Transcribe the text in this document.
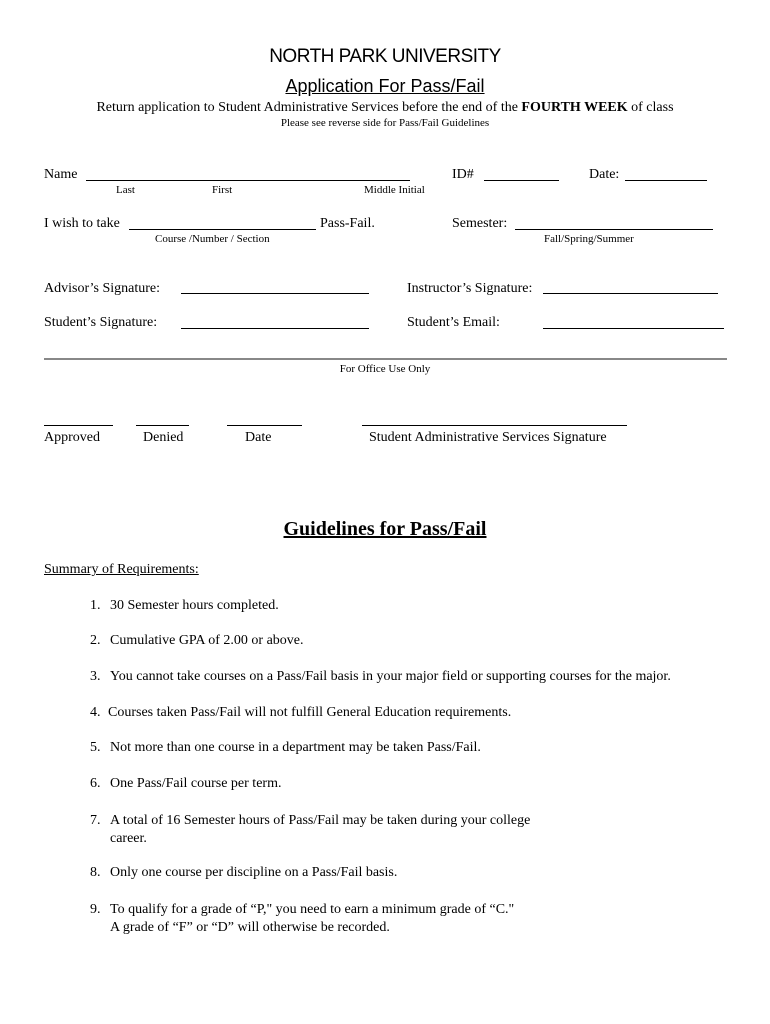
NORTH PARK UNIVERSITY
Application For Pass/Fail
Return application to Student Administrative Services before the end of the FOURTH WEEK of class
Please see reverse side for Pass/Fail Guidelines
Name
Last	First	Middle Initial
ID#	Date:
I wish to take	Pass-Fail.
Course /Number / Section
Semester:
Fall/Spring/Summer
Advisor’s Signature:	Instructor’s Signature:
Student’s Signature:	Student’s Email:
For Office Use Only
Approved	Denied	Date	Student Administrative Services Signature
Guidelines for Pass/Fail
Summary of Requirements:
1. 30 Semester hours completed.
2. Cumulative GPA of 2.00 or above.
3. You cannot take courses on a Pass/Fail basis in your major field or supporting courses for the major.
4. Courses taken Pass/Fail will not fulfill General Education requirements.
5. Not more than one course in a department may be taken Pass/Fail.
6. One Pass/Fail course per term.
7. A total of 16 Semester hours of Pass/Fail may be taken during your college
career.
8. Only one course per discipline on a Pass/Fail basis.
9. To qualify for a grade of “P," you need to earn a minimum grade of “C."
A grade of “F” or “D” will otherwise be recorded.
